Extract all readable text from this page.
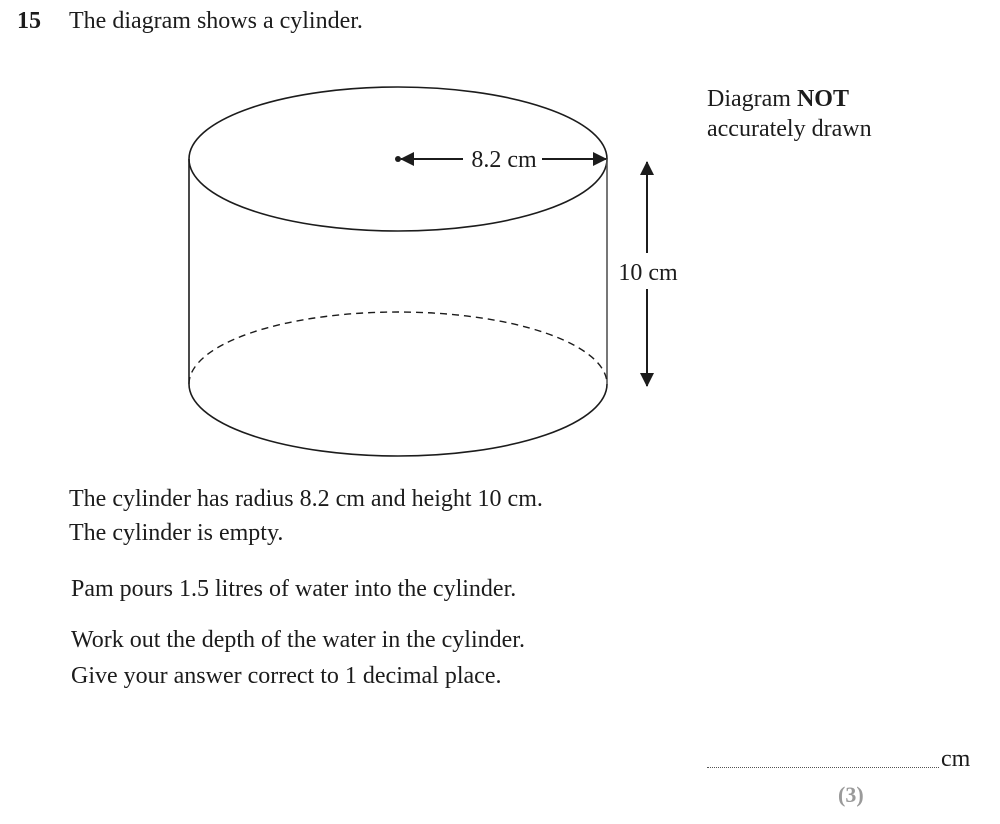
15 The diagram shows a cylinder.
8.2 cm
10 cm
Diagram NOT
accurately drawn
The cylinder has radius 8.2 cm and height 10 cm.
The cylinder is empty.
Pam pours 1.5 litres of water into the cylinder.
Work out the depth of the water in the cylinder.
Give your answer correct to 1 decimal place.
cm
(3)
